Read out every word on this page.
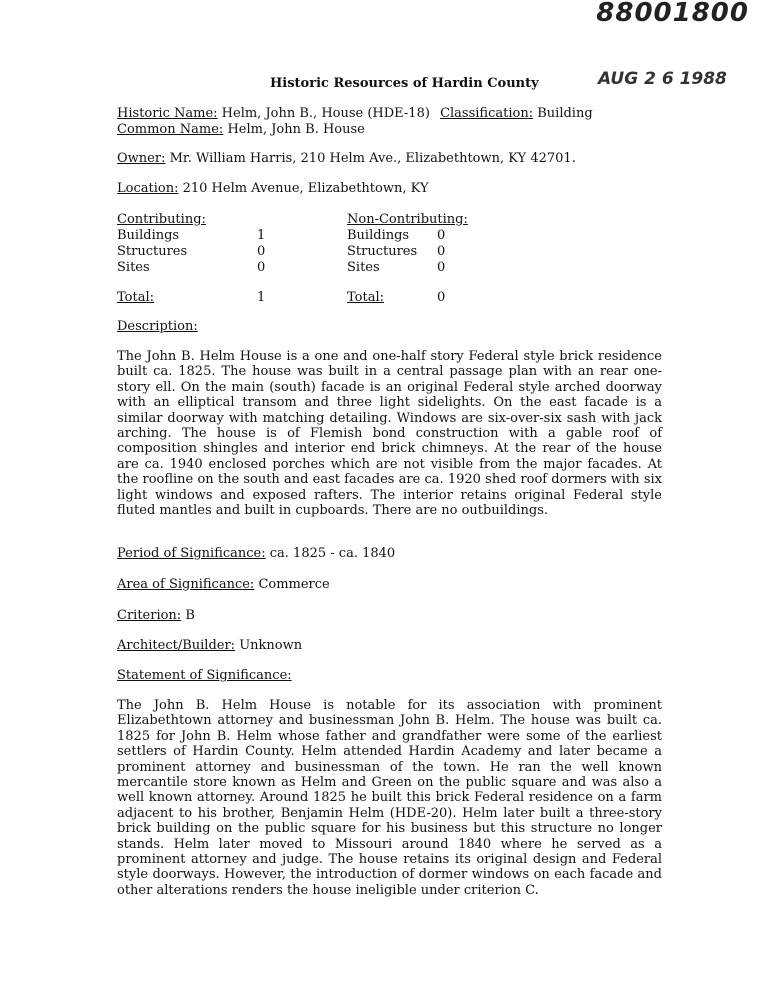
88001800
AUG 2 6 1988
Historic Resources of Hardin County
Historic Name: Helm, John B., House (HDE-18) Classification: Building
Common Name: Helm, John B. House
Owner: Mr. William Harris, 210 Helm Ave., Elizabethtown, KY 42701.
Location: 210 Helm Avenue, Elizabethtown, KY
Contributing:	Non-Contributing:
Buildings	1	Buildings 0
Structures	0	Structures 0
Sites	0	Sites	0
Total:	1	Total:	0
Description:
The John B. Helm House is a one and one-half story Federal style brick residence built ca. 1825. The house was built in a central passage plan with an rear one-story ell. On the main (south) facade is an original Federal style arched doorway with an elliptical transom and three light sidelights. On the east facade is a similar doorway with matching detailing. Windows are six-over-six sash with jack arching. The house is of Flemish bond construction with a gable roof of composition shingles and interior end brick chimneys. At the rear of the house are ca. 1940 enclosed porches which are not visible from the major facades. At the roofline on the south and east facades are ca. 1920 shed roof dormers with six light windows and exposed rafters. The interior retains original Federal style fluted mantles and built in cupboards. There are no outbuildings.
Period of Significance: ca. 1825 - ca. 1840
Area of Significance: Commerce
Criterion: B
Architect/Builder: Unknown
Statement of Significance:
The John B. Helm House is notable for its association with prominent Elizabethtown attorney and businessman John B. Helm. The house was built ca. 1825 for John B. Helm whose father and grandfather were some of the earliest settlers of Hardin County. Helm attended Hardin Academy and later became a prominent attorney and businessman of the town. He ran the well known mercantile store known as Helm and Green on the public square and was also a well known attorney. Around 1825 he built this brick Federal residence on a farm adjacent to his brother, Benjamin Helm (HDE-20). Helm later built a three-story brick building on the public square for his business but this structure no longer stands. Helm later moved to Missouri around 1840 where he served as a prominent attorney and judge. The house retains its original design and Federal style doorways. However, the introduction of dormer windows on each facade and other alterations renders the house ineligible under criterion C.
